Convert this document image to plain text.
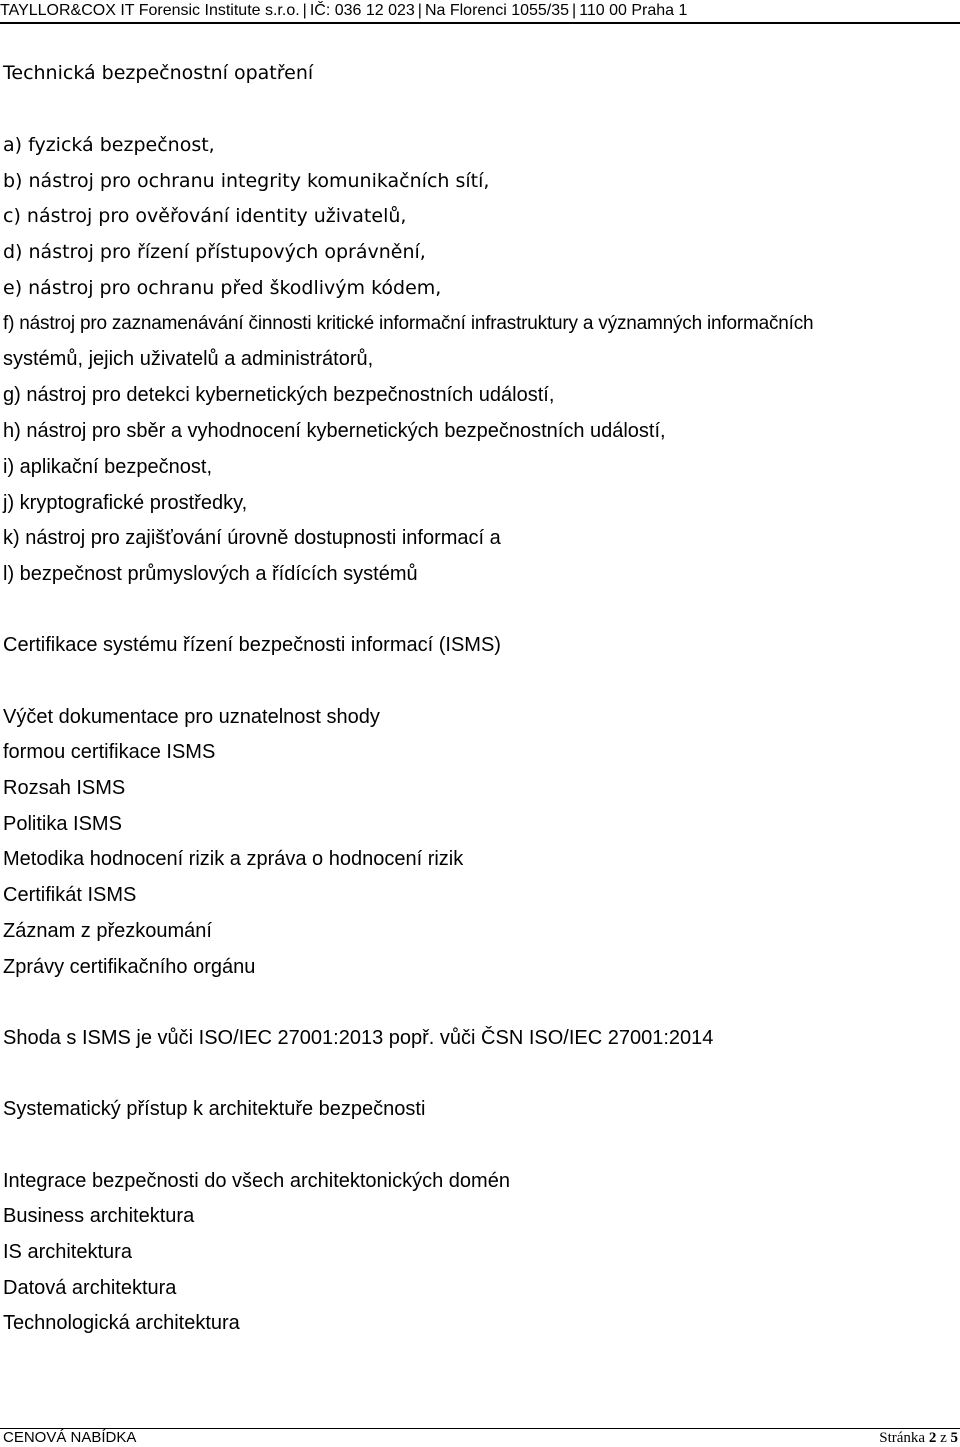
TAYLLOR&COX IT Forensic Institute s.r.o. | IČ: 036 12 023 | Na Florenci 1055/35 | 110 00 Praha 1
Technická bezpečnostní opatření
a) fyzická bezpečnost,
b) nástroj pro ochranu integrity komunikačních sítí,
c) nástroj pro ověřování identity uživatelů,
d) nástroj pro řízení přístupových oprávnění,
e) nástroj pro ochranu před škodlivým kódem,
f) nástroj pro zaznamenávání činnosti kritické informační infrastruktury a významných informačních
systémů, jejich uživatelů a administrátorů,
g) nástroj pro detekci kybernetických bezpečnostních událostí,
h) nástroj pro sběr a vyhodnocení kybernetických bezpečnostních událostí,
i) aplikační bezpečnost,
j) kryptografické prostředky,
k) nástroj pro zajišťování úrovně dostupnosti informací a
l) bezpečnost průmyslových a řídících systémů
Certifikace systému řízení bezpečnosti informací (ISMS)
Výčet dokumentace pro uznatelnost shody
formou certifikace ISMS
Rozsah ISMS
Politika ISMS
Metodika hodnocení rizik a zpráva o hodnocení rizik
Certifikát ISMS
Záznam z přezkoumání
Zprávy certifikačního orgánu
Shoda s ISMS je vůči ISO/IEC 27001:2013 popř. vůči ČSN ISO/IEC 27001:2014
Systematický přístup k architektuře bezpečnosti
Integrace bezpečnosti do všech architektonických domén
Business architektura
IS architektura
Datová architektura
Technologická architektura
CENOVÁ NABÍDKA	Stránka 2 z 5
